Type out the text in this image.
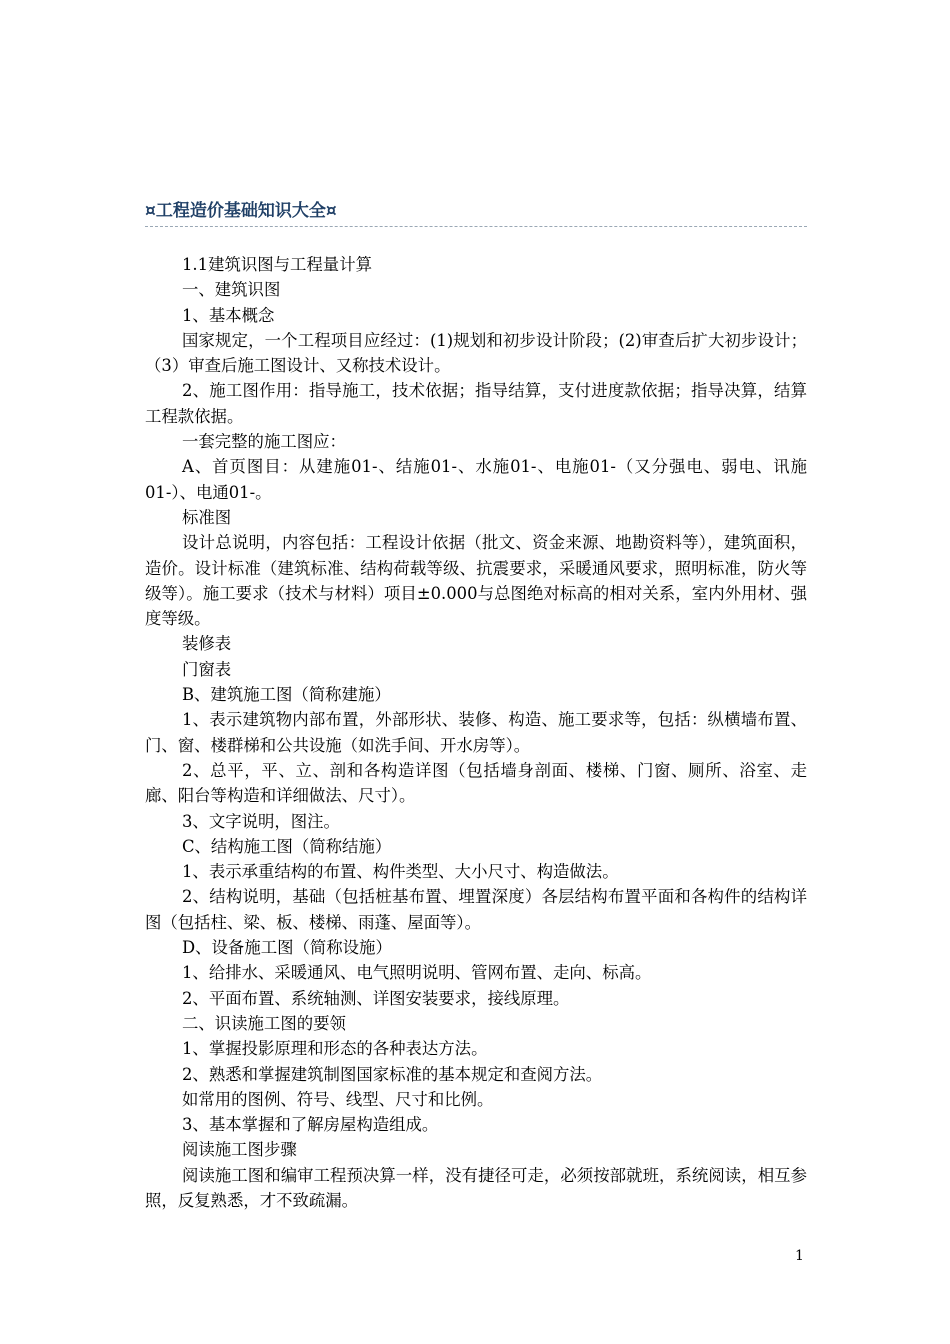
¤工程造价基础知识大全¤

1.1建筑识图与工程量计算

一、建筑识图

1、基本概念

国家规定，一个工程项目应经过：(1)规划和初步设计阶段；(2)审查后扩大初步设计；（3）审查后施工图设计、又称技术设计。

2、施工图作用：指导施工，技术依据；指导结算，支付进度款依据；指导决算，结算工程款依据。

一套完整的施工图应：

A、首页图目：从建施01-、结施01-、水施01-、电施01-（又分强电、弱电、讯施01-）、电通01-。

标准图

设计总说明，内容包括：工程设计依据（批文、资金来源、地勘资料等），建筑面积，造价。设计标准（建筑标准、结构荷载等级、抗震要求，采暖通风要求，照明标准，防火等级等）。施工要求（技术与材料）项目±0.000与总图绝对标高的相对关系，室内外用材、强度等级。

装修表

门窗表

B、建筑施工图（简称建施）

1、表示建筑物内部布置，外部形状、装修、构造、施工要求等，包括：纵横墙布置、门、窗、楼群梯和公共设施（如洗手间、开水房等）。

2、总平，平、立、剖和各构造详图（包括墙身剖面、楼梯、门窗、厕所、浴室、走廊、阳台等构造和详细做法、尺寸）。

3、文字说明，图注。

C、结构施工图（简称结施）

1、表示承重结构的布置、构件类型、大小尺寸、构造做法。

2、结构说明，基础（包括桩基布置、埋置深度）各层结构布置平面和各构件的结构详图（包括柱、梁、板、楼梯、雨蓬、屋面等）。

D、设备施工图（简称设施）

1、给排水、采暖通风、电气照明说明、管网布置、走向、标高。

2、平面布置、系统轴测、详图安装要求，接线原理。

二、识读施工图的要领

1、掌握投影原理和形态的各种表达方法。

2、熟悉和掌握建筑制图国家标准的基本规定和查阅方法。

如常用的图例、符号、线型、尺寸和比例。

3、基本掌握和了解房屋构造组成。

阅读施工图步骤

阅读施工图和编审工程预决算一样，没有捷径可走，必须按部就班，系统阅读，相互参照，反复熟悉，才不致疏漏。

1
